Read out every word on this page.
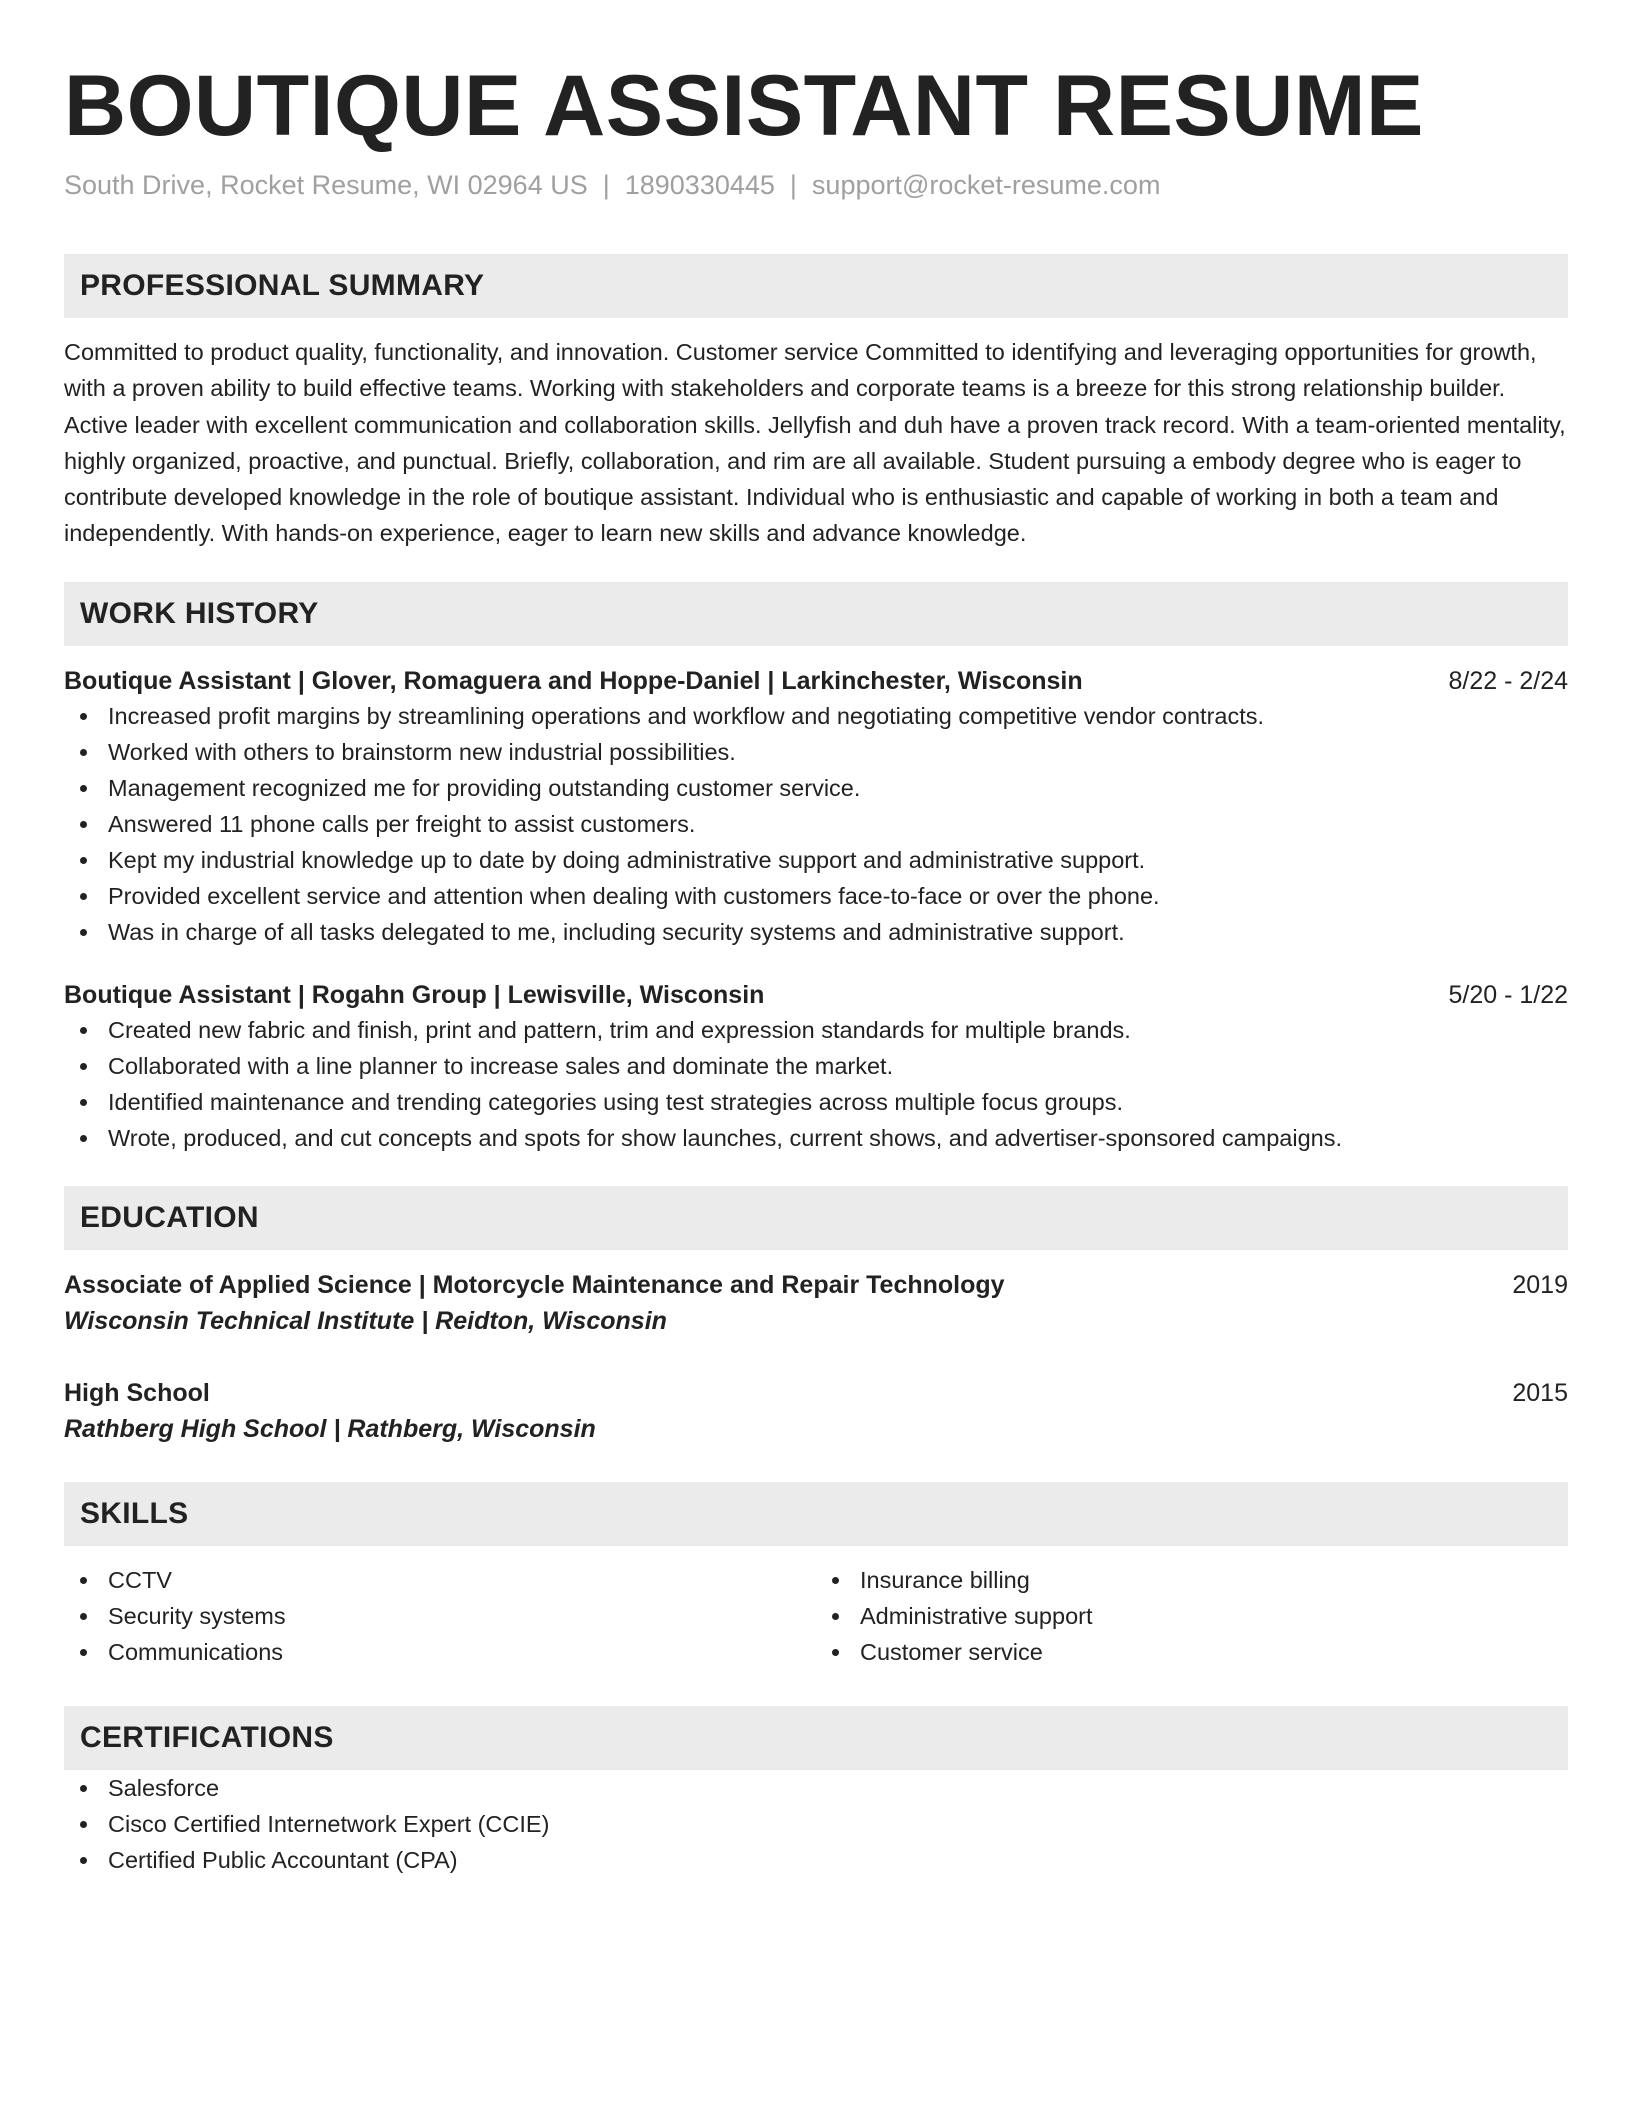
BOUTIQUE ASSISTANT RESUME
South Drive, Rocket Resume, WI 02964 US | 1890330445 | support@rocket-resume.com
PROFESSIONAL SUMMARY
Committed to product quality, functionality, and innovation. Customer service Committed to identifying and leveraging opportunities for growth, with a proven ability to build effective teams. Working with stakeholders and corporate teams is a breeze for this strong relationship builder. Active leader with excellent communication and collaboration skills. Jellyfish and duh have a proven track record. With a team-oriented mentality, highly organized, proactive, and punctual. Briefly, collaboration, and rim are all available. Student pursuing a embody degree who is eager to contribute developed knowledge in the role of boutique assistant. Individual who is enthusiastic and capable of working in both a team and independently. With hands-on experience, eager to learn new skills and advance knowledge.
WORK HISTORY
Boutique Assistant | Glover, Romaguera and Hoppe-Daniel | Larkinchester, Wisconsin	8/22 - 2/24
Increased profit margins by streamlining operations and workflow and negotiating competitive vendor contracts.
Worked with others to brainstorm new industrial possibilities.
Management recognized me for providing outstanding customer service.
Answered 11 phone calls per freight to assist customers.
Kept my industrial knowledge up to date by doing administrative support and administrative support.
Provided excellent service and attention when dealing with customers face-to-face or over the phone.
Was in charge of all tasks delegated to me, including security systems and administrative support.
Boutique Assistant | Rogahn Group | Lewisville, Wisconsin	5/20 - 1/22
Created new fabric and finish, print and pattern, trim and expression standards for multiple brands.
Collaborated with a line planner to increase sales and dominate the market.
Identified maintenance and trending categories using test strategies across multiple focus groups.
Wrote, produced, and cut concepts and spots for show launches, current shows, and advertiser-sponsored campaigns.
EDUCATION
Associate of Applied Science | Motorcycle Maintenance and Repair Technology	2019
Wisconsin Technical Institute | Reidton, Wisconsin
High School	2015
Rathberg High School | Rathberg, Wisconsin
SKILLS
CCTV
Security systems
Communications
Insurance billing
Administrative support
Customer service
CERTIFICATIONS
Salesforce
Cisco Certified Internetwork Expert (CCIE)
Certified Public Accountant (CPA)
